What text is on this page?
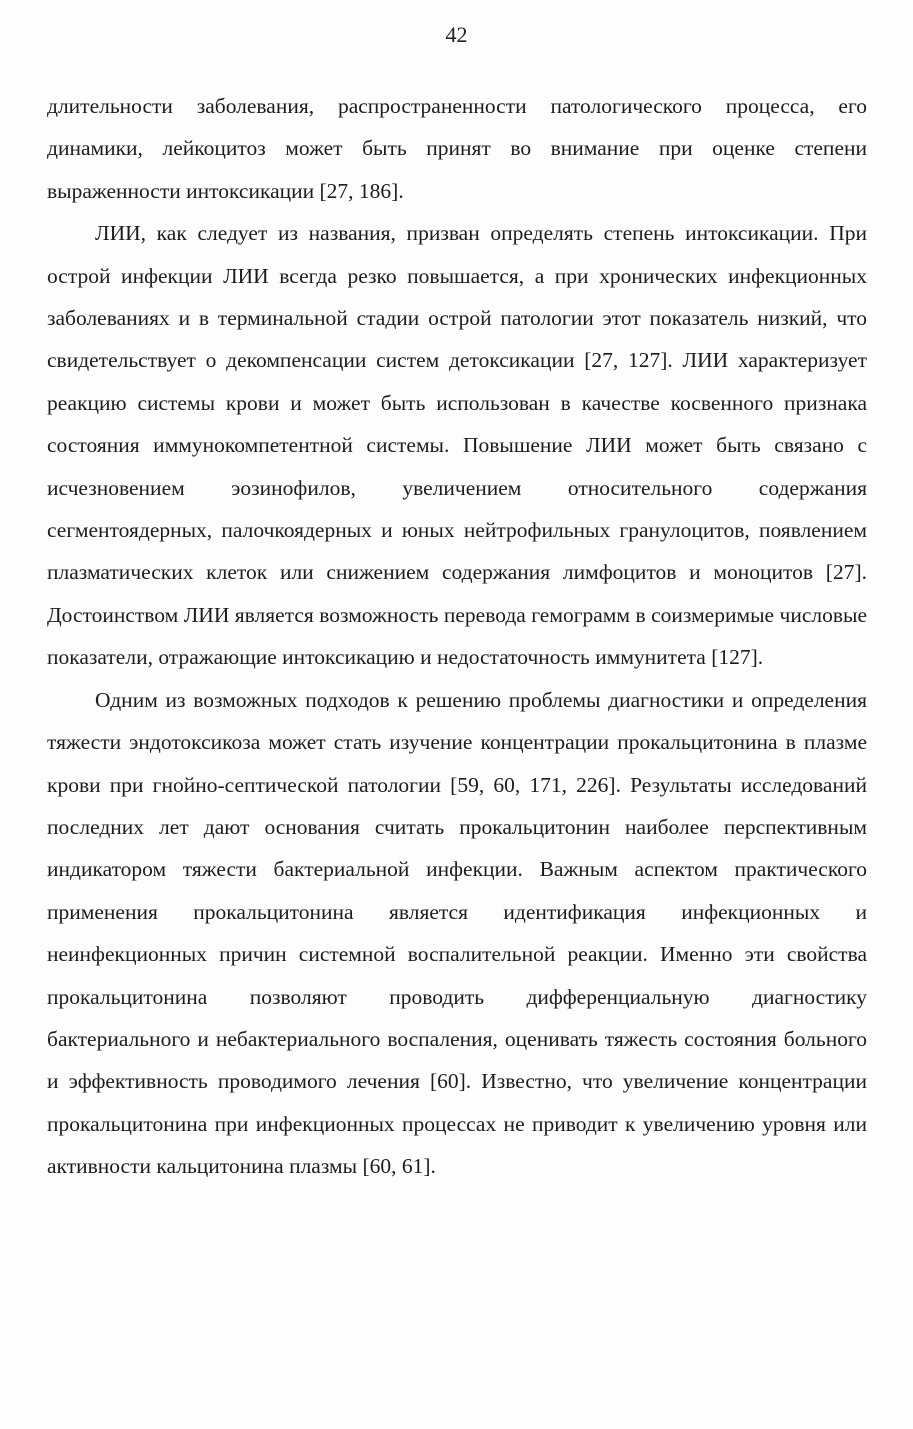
42

длительности заболевания, распространенности патологического процесса, его динамики, лейкоцитоз может быть принят во внимание при оценке степени выраженности интоксикации [27, 186].

ЛИИ, как следует из названия, призван определять степень интоксикации. При острой инфекции ЛИИ всегда резко повышается, а при хронических инфекционных заболеваниях и в терминальной стадии острой патологии этот показатель низкий, что свидетельствует о декомпенсации систем детоксикации [27, 127]. ЛИИ характеризует реакцию системы крови и может быть использован в качестве косвенного признака состояния иммунокомпетентной системы. Повышение ЛИИ может быть связано с исчезновением эозинофилов, увеличением относительного содержания сегментоядерных, палочкоядерных и юных нейтрофильных гранулоцитов, появлением плазматических клеток или снижением содержания лимфоцитов и моноцитов [27]. Достоинством ЛИИ является возможность перевода гемограмм в соизмеримые числовые показатели, отражающие интоксикацию и недостаточность иммунитета [127].

Одним из возможных подходов к решению проблемы диагностики и определения тяжести эндотоксикоза может стать изучение концентрации прокальцитонина в плазме крови при гнойно-септической патологии [59, 60, 171, 226]. Результаты исследований последних лет дают основания считать прокальцитонин наиболее перспективным индикатором тяжести бактериальной инфекции. Важным аспектом практического применения прокальцитонина является идентификация инфекционных и неинфекционных причин системной воспалительной реакции. Именно эти свойства прокальцитонина позволяют проводить дифференциальную диагностику бактериального и небактериального воспаления, оценивать тяжесть состояния больного и эффективность проводимого лечения [60]. Известно, что увеличение концентрации прокальцитонина при инфекционных процессах не приводит к увеличению уровня или активности кальцитонина плазмы [60, 61].
